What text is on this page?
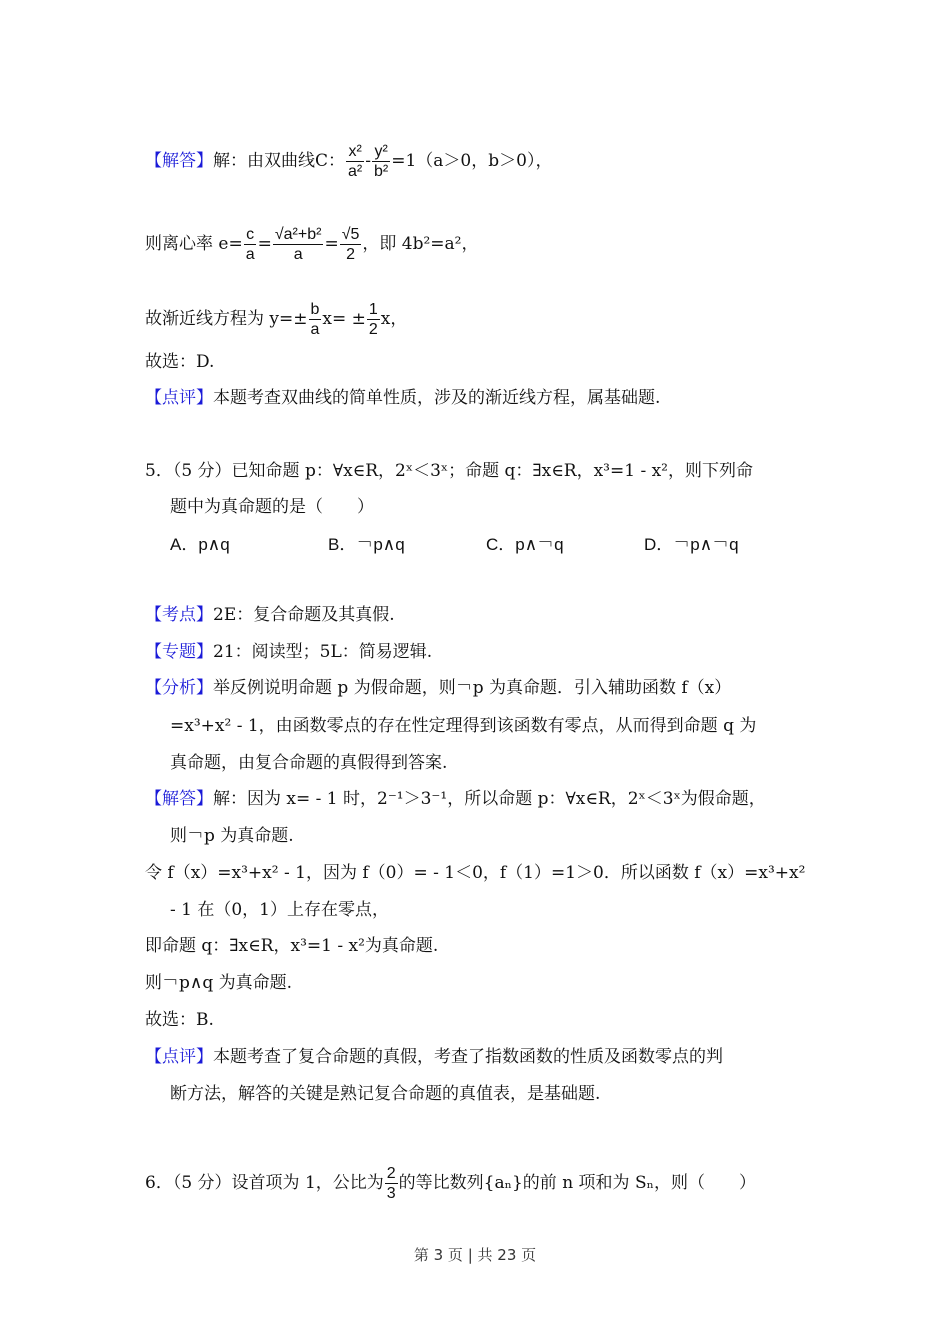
【解答】解：由双曲线C： $\frac{\text{x²}}{\text{a²}} - \frac{\text{y²}}{\text{b²}} =1(a>0$，b＞0），
则离心率 $e= \frac{c}{a} = \frac{\text{√a²+b²}}{a} = \frac{√5}{2}$ ，即 4b²=a²，
故渐近线方程为 $y=\pm \frac{b}{a} x= \pm \frac{1}{2}$ x，
故选：D.
【点评】本题考查双曲线的简单性质，涉及的渐近线方程，属基础题.
5．（5 分）已知命题 p：∀x∈R，2ˣ＜3ˣ；命题 q：∃x∈R，x³=1 - x²，则下列命
题中为真命题的是（　　）
A．p∧q	B．￢p∧q	C．p∧￢q	D．￢p∧￢q
【考点】2E：复合命题及其真假.
【专题】21：阅读型；5L：简易逻辑.
【分析】举反例说明命题 p 为假命题，则￢p 为真命题．引入辅助函数 f（x）
=x³+x² - 1，由函数零点的存在性定理得到该函数有零点，从而得到命题 q 为
真命题，由复合命题的真假得到答案.
【解答】解：因为 x= - 1 时，2⁻¹＞3⁻¹，所以命题 p：∀x∈R，2ˣ＜3ˣ为假命题，
则￢p 为真命题.
令 f（x）=x³+x² - 1，因为 f（0）= - 1＜0，f（1）=1＞0．所以函数 f（x）=x³+x²
- 1 在（0，1）上存在零点，
即命题 q：∃x∈R，x³=1 - x²为真命题.
则￢p∧q 为真命题.
故选：B.
【点评】本题考查了复合命题的真假，考查了指数函数的性质及函数零点的判
断方法，解答的关键是熟记复合命题的真值表，是基础题.
6．（5 分）设首项为 1，公比为 $\frac{2}{3}$ 的等比数列{aₙ}的前 n 项和为 Sₙ，则（　　）
第 3 页 | 共 23 页
